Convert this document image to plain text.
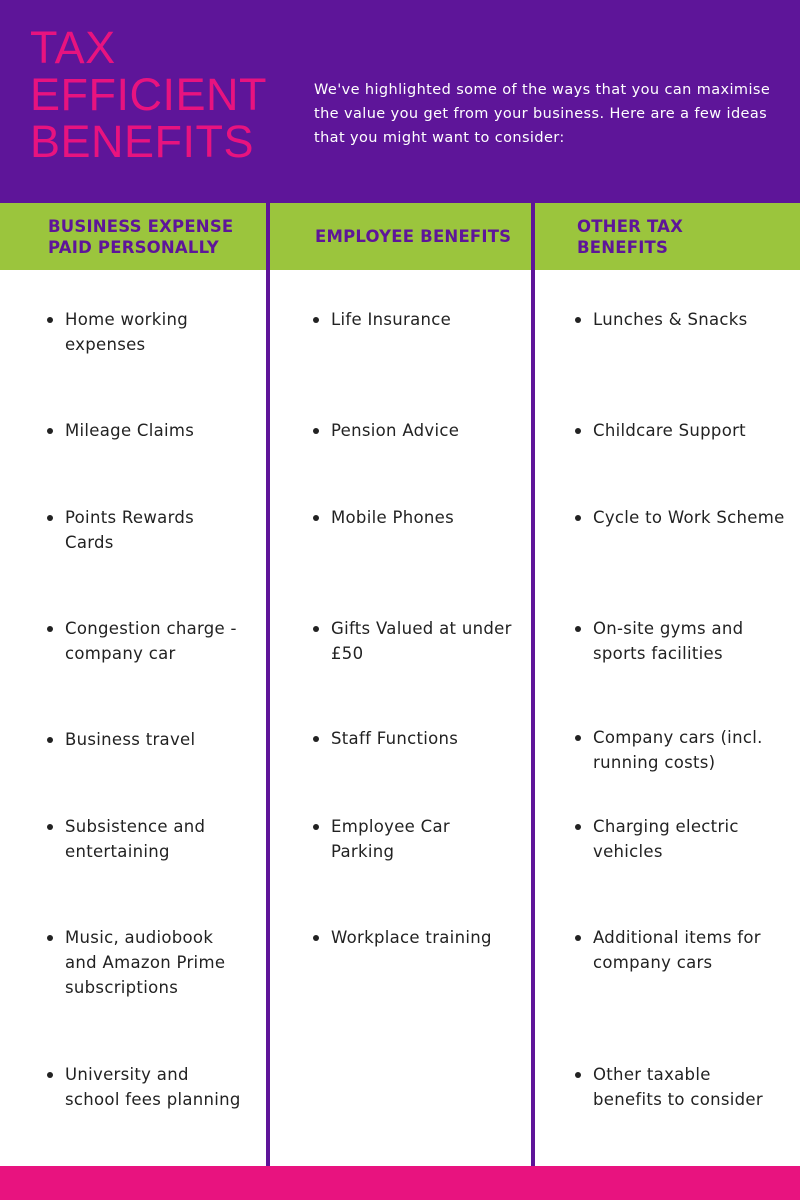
TAX
EFFICIENT
BENEFITS

We've highlighted some of the ways that you can maximise the value you get from your business. Here are a few ideas that you might want to consider:

BUSINESS EXPENSE PAID PERSONALLY
EMPLOYEE BENEFITS
OTHER TAX BENEFITS
Home working expenses
Mileage Claims
Points Rewards Cards
Congestion charge - company car
Business travel
Subsistence and entertaining
Music, audiobook and Amazon Prime subscriptions
University and school fees planning
Life Insurance
Pension Advice
Mobile Phones
Gifts Valued at under £50
Staff Functions
Employee Car Parking
Workplace training
Lunches & Snacks
Childcare Support
Cycle to Work Scheme
On-site gyms and sports facilities
Company cars (incl. running costs)
Charging electric vehicles
Additional items for company cars
Other taxable benefits to consider
